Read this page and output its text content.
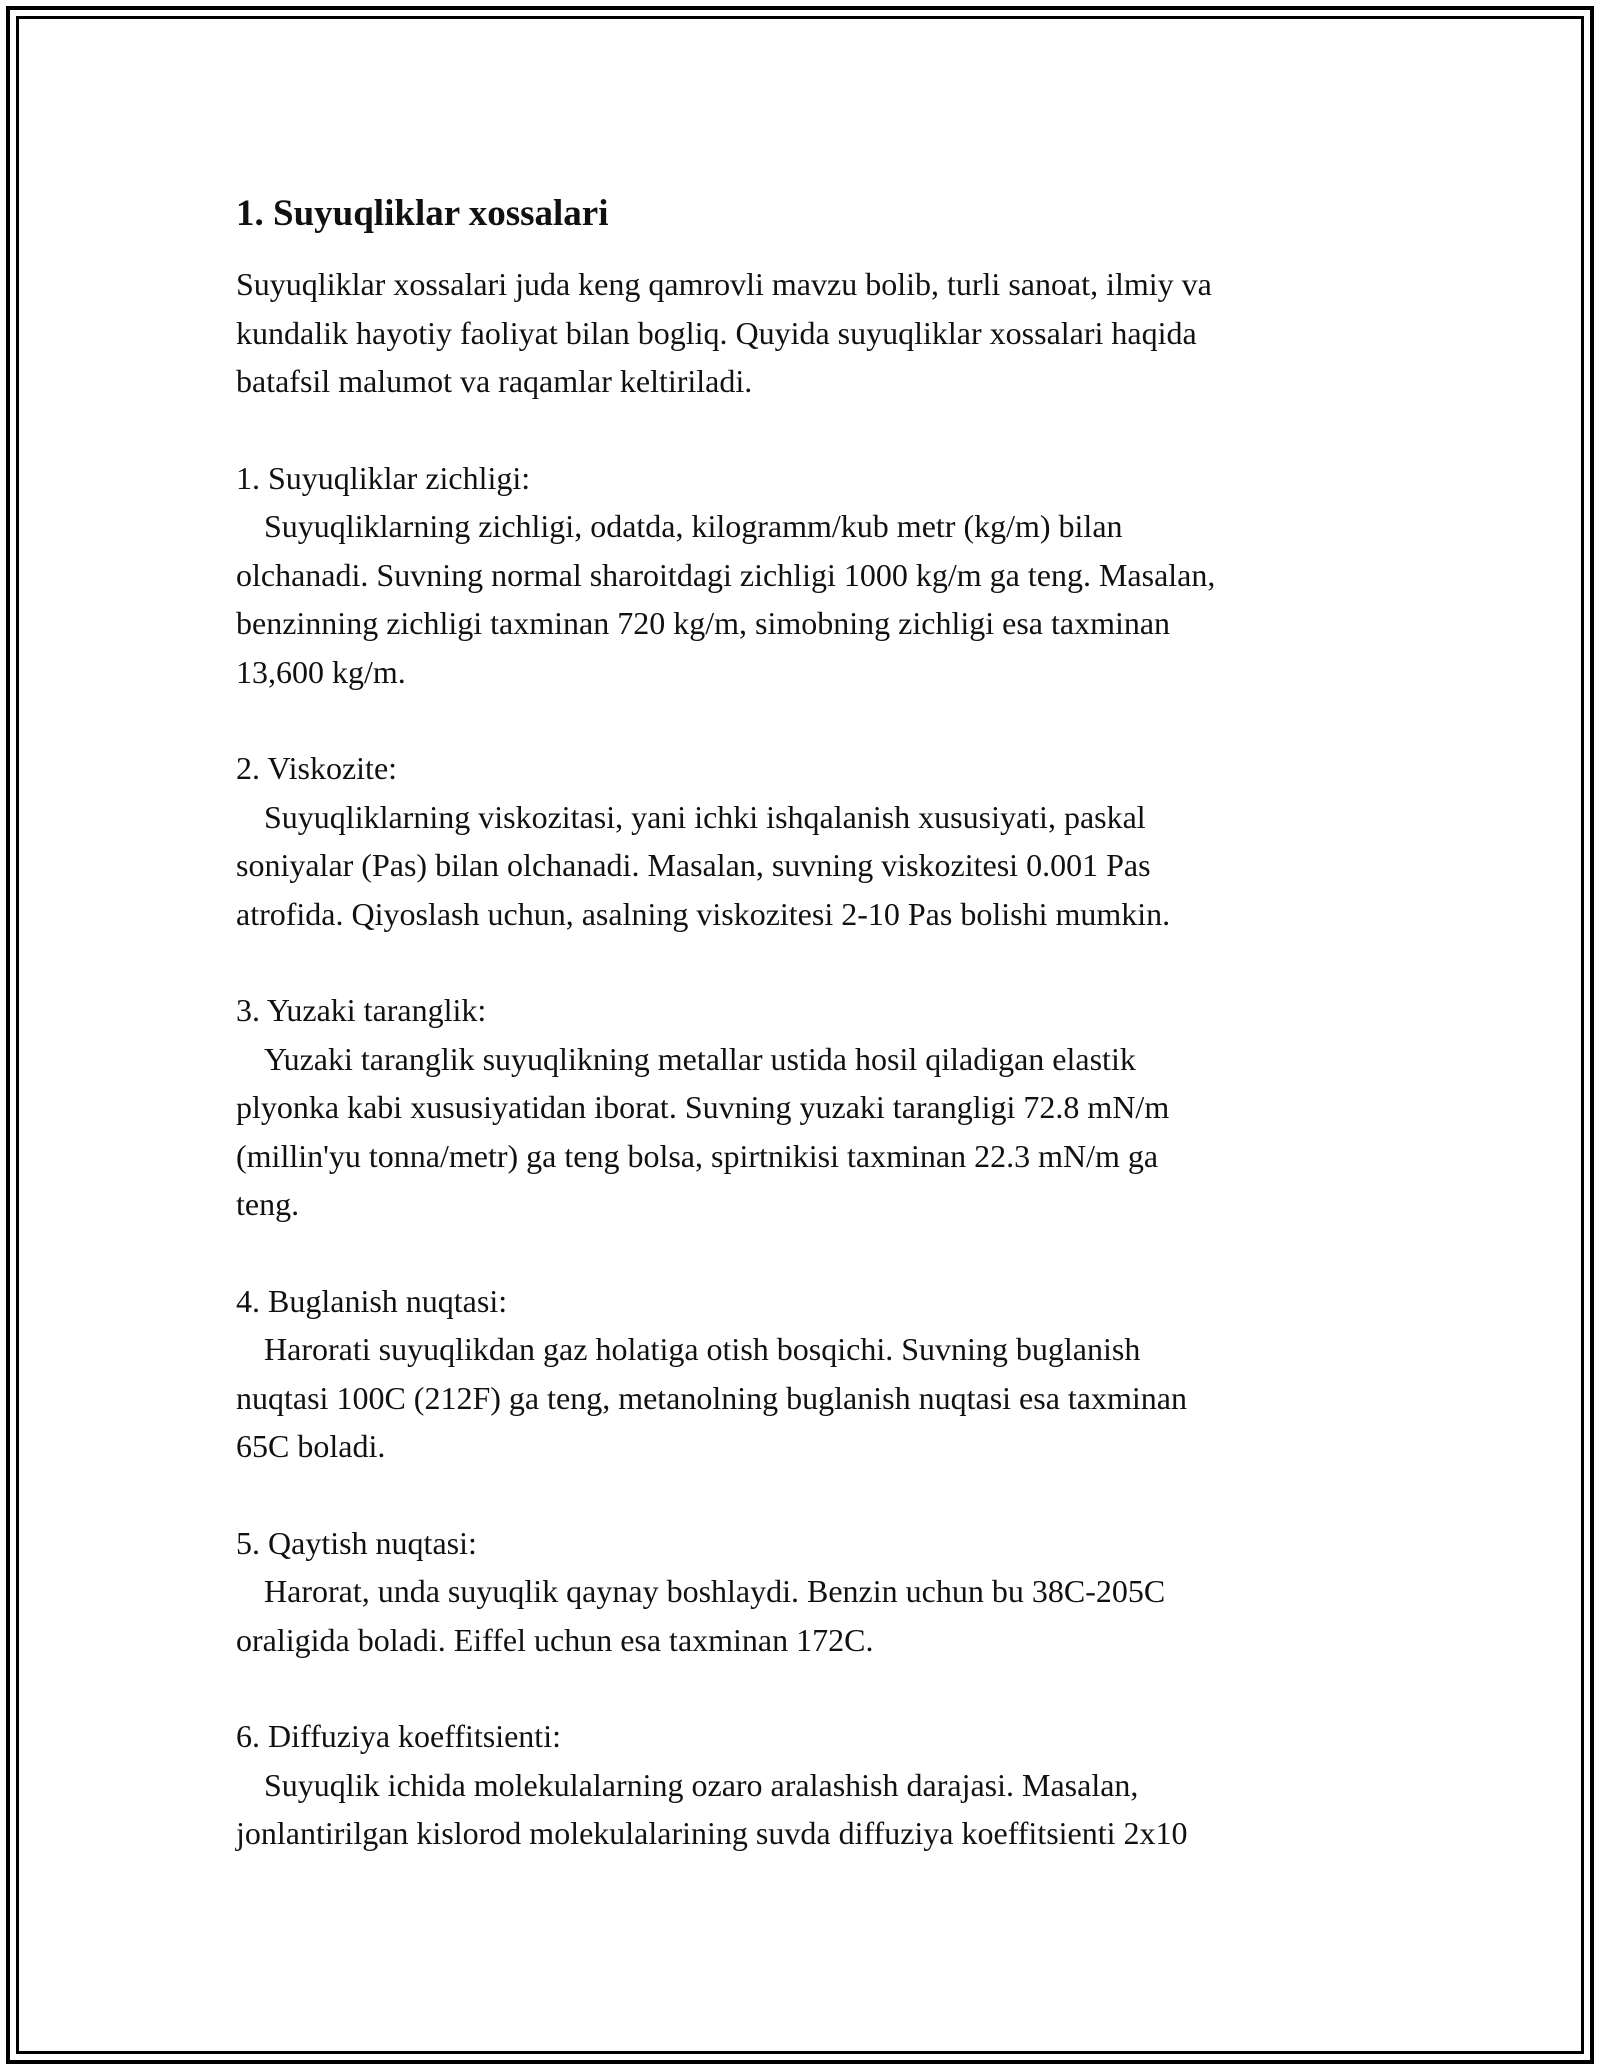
1. Suyuqliklar xossalari

Suyuqliklar xossalari juda keng qamrovli mavzu bolib, turli sanoat, ilmiy va
kundalik hayotiy faoliyat bilan bogliq. Quyida suyuqliklar xossalari haqida
batafsil malumot va raqamlar keltiriladi.

1. Suyuqliklar zichligi:

Suyuqliklarning zichligi, odatda, kilogramm/kub metr (kg/m) bilan
olchanadi. Suvning normal sharoitdagi zichligi 1000 kg/m ga teng. Masalan,
benzinning zichligi taxminan 720 kg/m, simobning zichligi esa taxminan
13,600 kg/m.

2. Viskozite:

Suyuqliklarning viskozitasi, yani ichki ishqalanish xususiyati, paskal
soniyalar (Pas) bilan olchanadi. Masalan, suvning viskozitesi 0.001 Pas
atrofida. Qiyoslash uchun, asalning viskozitesi 2-10 Pas bolishi mumkin.

3. Yuzaki taranglik:

Yuzaki taranglik suyuqlikning metallar ustida hosil qiladigan elastik
plyonka kabi xususiyatidan iborat. Suvning yuzaki tarangligi 72.8 mN/m
(millin'yu tonna/metr) ga teng bolsa, spirtnikisi taxminan 22.3 mN/m ga
teng.

4. Buglanish nuqtasi:

Harorati suyuqlikdan gaz holatiga otish bosqichi. Suvning buglanish
nuqtasi 100C (212F) ga teng, metanolning buglanish nuqtasi esa taxminan
65C boladi.

5. Qaytish nuqtasi:

Harorat, unda suyuqlik qaynay boshlaydi. Benzin uchun bu 38C-205C
oraligida boladi. Eiffel uchun esa taxminan 172C.

6. Diffuziya koeffitsienti:

Suyuqlik ichida molekulalarning ozaro aralashish darajasi. Masalan,
jonlantirilgan kislorod molekulalarining suvda diffuziya koeffitsienti 2x10
